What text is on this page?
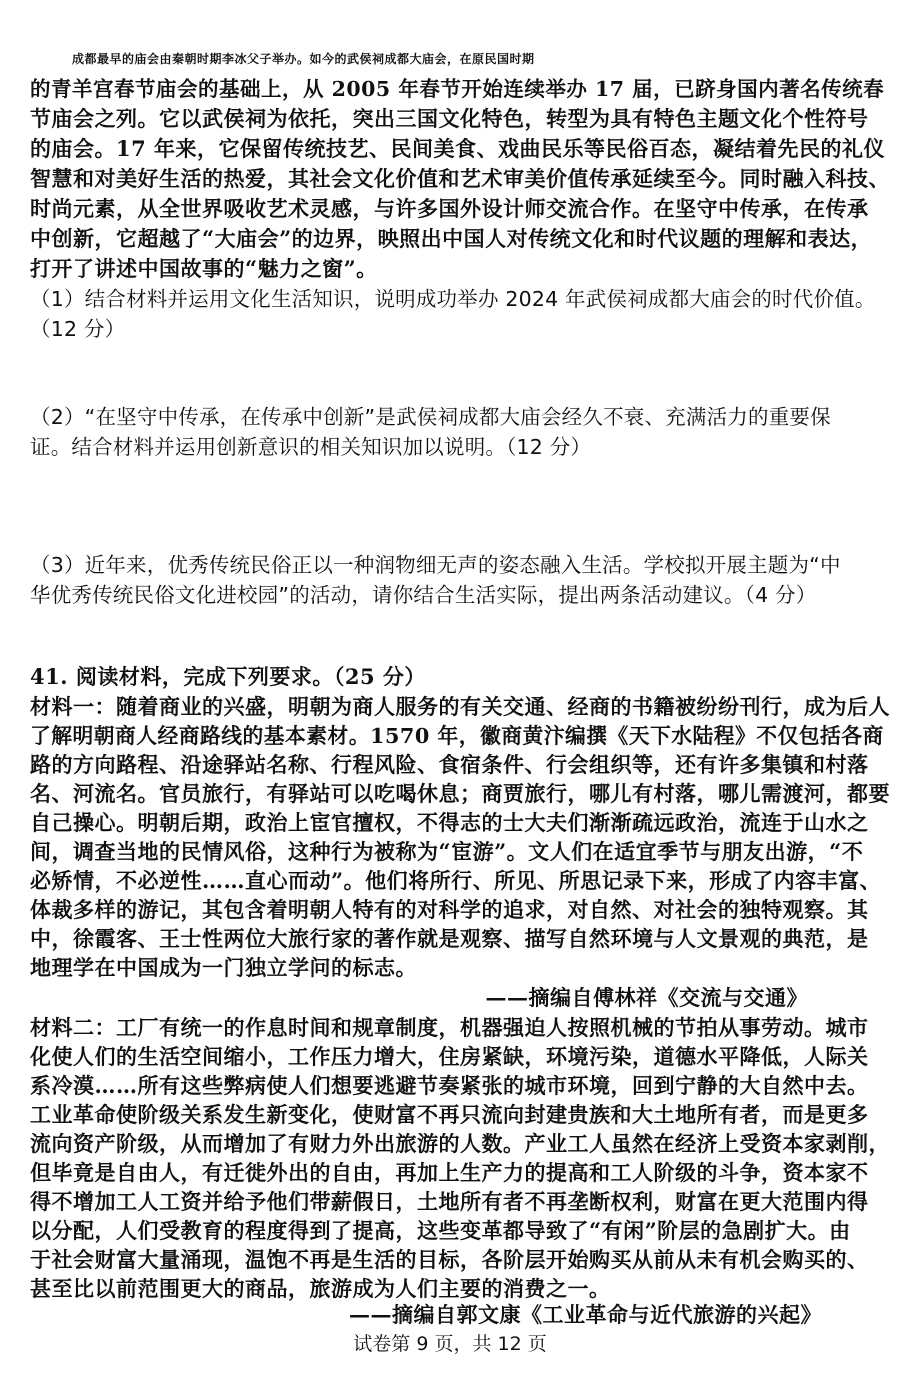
成都最早的庙会由秦朝时期李冰父子举办。如今的武侯祠成都大庙会，在原民国时期
的青羊宫春节庙会的基础上，从 2005 年春节开始连续举办 17 届，已跻身国内著名传统春
节庙会之列。它以武侯祠为依托，突出三国文化特色，转型为具有特色主题文化个性符号
的庙会。17 年来，它保留传统技艺、民间美食、戏曲民乐等民俗百态，凝结着先民的礼仪
智慧和对美好生活的热爱，其社会文化价值和艺术审美价值传承延续至今。同时融入科技、
时尚元素，从全世界吸收艺术灵感，与许多国外设计师交流合作。在坚守中传承，在传承
中创新，它超越了“大庙会”的边界，映照出中国人对传统文化和时代议题的理解和表达，
打开了讲述中国故事的“魅力之窗”。
（1）结合材料并运用文化生活知识，说明成功举办 2024 年武侯祠成都大庙会的时代价值。
（12 分）
（2）“在坚守中传承，在传承中创新”是武侯祠成都大庙会经久不衰、充满活力的重要保
证。结合材料并运用创新意识的相关知识加以说明。（12 分）
（3）近年来，优秀传统民俗正以一种润物细无声的姿态融入生活。学校拟开展主题为“中
华优秀传统民俗文化进校园”的活动，请你结合生活实际，提出两条活动建议。（4 分）
41. 阅读材料，完成下列要求。（25 分）
材料一：随着商业的兴盛，明朝为商人服务的有关交通、经商的书籍被纷纷刊行，成为后人
了解明朝商人经商路线的基本素材。1570 年，徽商黄汴编撰《天下水陆程》不仅包括各商
路的方向路程、沿途驿站名称、行程风险、食宿条件、行会组织等，还有许多集镇和村落
名、河流名。官员旅行，有驿站可以吃喝休息；商贾旅行，哪儿有村落，哪儿需渡河，都要
自己操心。明朝后期，政治上宦官擅权，不得志的士大夫们渐渐疏远政治，流连于山水之
间，调查当地的民情风俗，这种行为被称为“宦游”。文人们在适宜季节与朋友出游，“不
必矫情，不必逆性……直心而动”。他们将所行、所见、所思记录下来，形成了内容丰富、
体裁多样的游记，其包含着明朝人特有的对科学的追求，对自然、对社会的独特观察。其
中，徐霞客、王士性两位大旅行家的著作就是观察、描写自然环境与人文景观的典范，是
地理学在中国成为一门独立学问的标志。
——摘编自傅林祥《交流与交通》
材料二：工厂有统一的作息时间和规章制度，机器强迫人按照机械的节拍从事劳动。城市
化使人们的生活空间缩小，工作压力增大，住房紧缺，环境污染，道德水平降低，人际关
系冷漠……所有这些弊病使人们想要逃避节奏紧张的城市环境，回到宁静的大自然中去。
工业革命使阶级关系发生新变化，使财富不再只流向封建贵族和大土地所有者，而是更多
流向资产阶级，从而增加了有财力外出旅游的人数。产业工人虽然在经济上受资本家剥削，
但毕竟是自由人，有迁徙外出的自由，再加上生产力的提高和工人阶级的斗争，资本家不
得不增加工人工资并给予他们带薪假日，土地所有者不再垄断权利，财富在更大范围内得
以分配，人们受教育的程度得到了提高，这些变革都导致了“有闲”阶层的急剧扩大。由
于社会财富大量涌现，温饱不再是生活的目标，各阶层开始购买从前从未有机会购买的、
甚至比以前范围更大的商品，旅游成为人们主要的消费之一。
——摘编自郭文康《工业革命与近代旅游的兴起》
试卷第 9 页，共 12 页
